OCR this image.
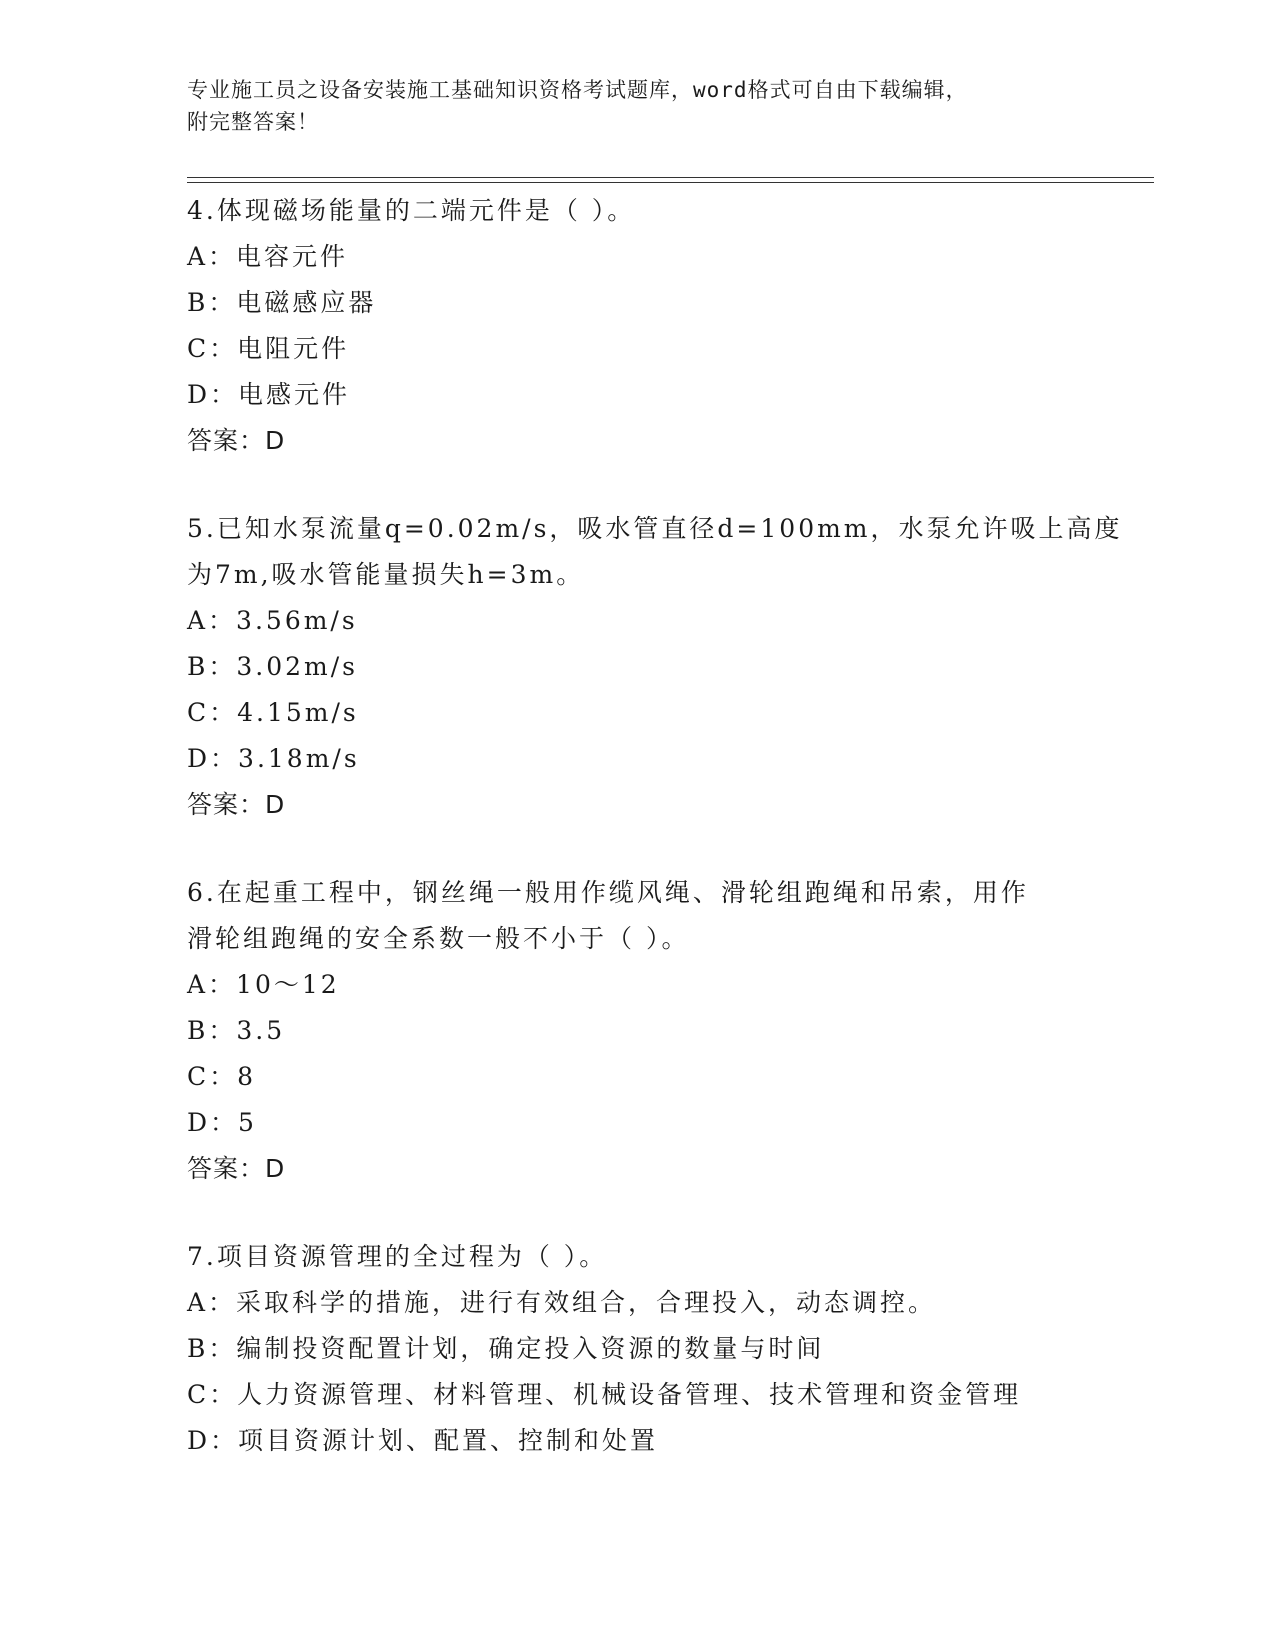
专业施工员之设备安装施工基础知识资格考试题库，word格式可自由下载编辑，
附完整答案！
4.体现磁场能量的二端元件是（ ）。
A：电容元件
B：电磁感应器
C：电阻元件
D：电感元件
答案：D
5.已知水泵流量q=0.02m/s，吸水管直径d=100mm，水泵允许吸上高度
为7m,吸水管能量损失h=3m。
A：3.56m/s
B：3.02m/s
C：4.15m/s
D：3.18m/s
答案：D
6.在起重工程中，钢丝绳一般用作缆风绳、滑轮组跑绳和吊索，用作
滑轮组跑绳的安全系数一般不小于（ ）。
A：10～12
B：3.5
C：8
D：5
答案：D
7.项目资源管理的全过程为（ ）。
A：采取科学的措施，进行有效组合，合理投入，动态调控。
B：编制投资配置计划，确定投入资源的数量与时间
C：人力资源管理、材料管理、机械设备管理、技术管理和资金管理
D：项目资源计划、配置、控制和处置
